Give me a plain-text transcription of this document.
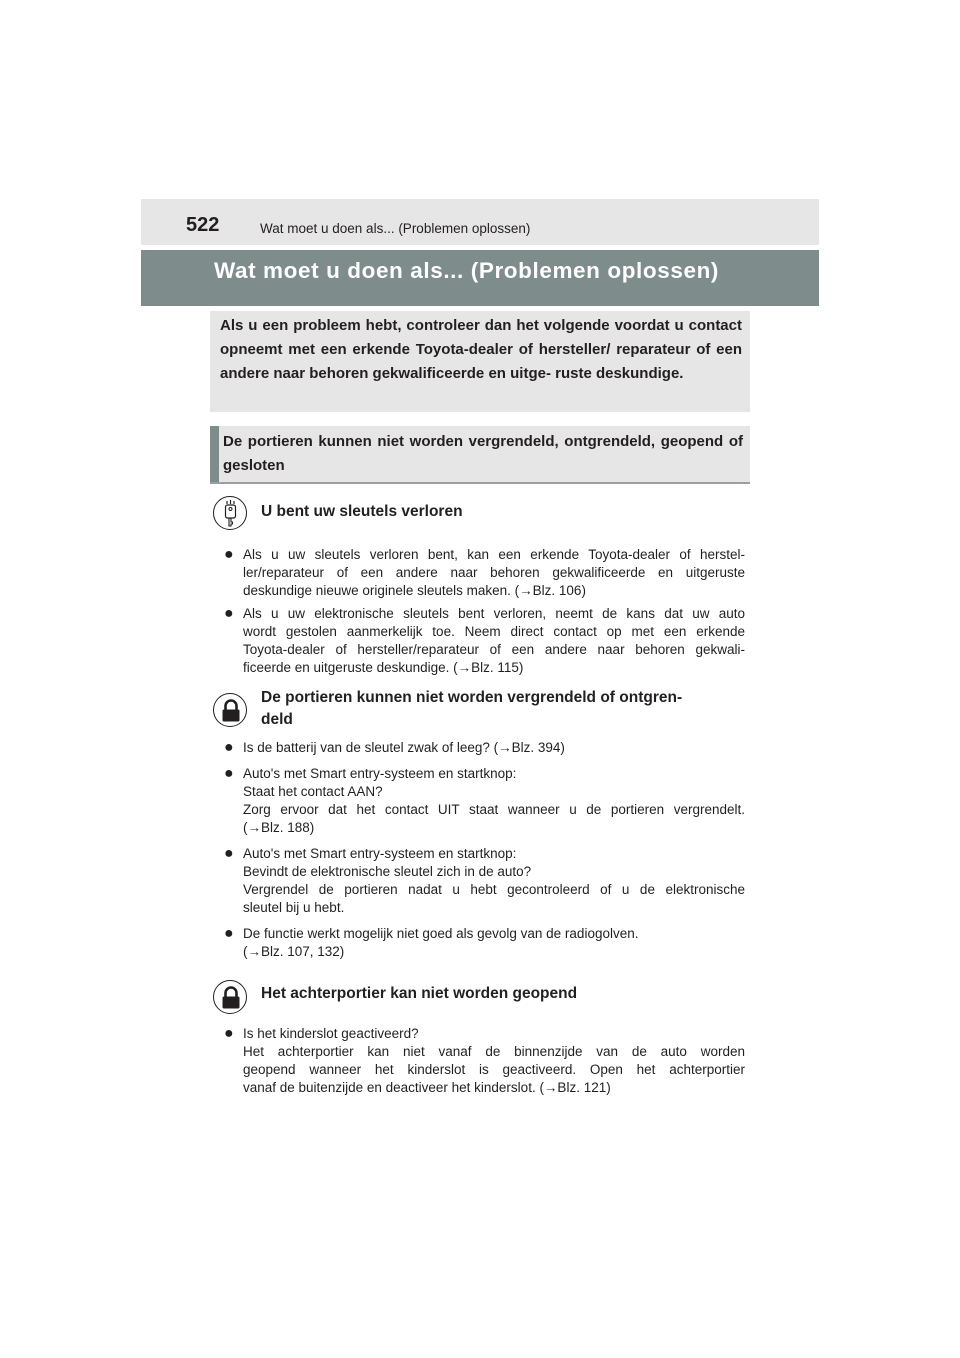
522	Wat moet u doen als... (Problemen oplossen)
Wat moet u doen als... (Problemen oplossen)
Als u een probleem hebt, controleer dan het volgende voordat u contact opneemt met een erkende Toyota-dealer of hersteller/ reparateur of een andere naar behoren gekwalificeerde en uitge- ruste deskundige.
De portieren kunnen niet worden vergrendeld, ontgrendeld, geopend of gesloten
U bent uw sleutels verloren
● Als u uw sleutels verloren bent, kan een erkende Toyota-dealer of herstel-
ler/reparateur of een andere naar behoren gekwalificeerde en uitgeruste
deskundige nieuwe originele sleutels maken. (→Blz. 106)
● Als u uw elektronische sleutels bent verloren, neemt de kans dat uw auto
wordt gestolen aanmerkelijk toe. Neem direct contact op met een erkende
Toyota-dealer of hersteller/reparateur of een andere naar behoren gekwali-
ficeerde en uitgeruste deskundige. (→Blz. 115)
De portieren kunnen niet worden vergrendeld of ontgren-
deld
● Is de batterij van de sleutel zwak of leeg? (→Blz. 394)
● Auto's met Smart entry-systeem en startknop:
Staat het contact AAN?
Zorg ervoor dat het contact UIT staat wanneer u de portieren vergrendelt.
(→Blz. 188)
● Auto's met Smart entry-systeem en startknop:
Bevindt de elektronische sleutel zich in de auto?
Vergrendel de portieren nadat u hebt gecontroleerd of u de elektronische
sleutel bij u hebt.
● De functie werkt mogelijk niet goed als gevolg van de radiogolven.
(→Blz. 107, 132)
Het achterportier kan niet worden geopend
● Is het kinderslot geactiveerd?
Het achterportier kan niet vanaf de binnenzijde van de auto worden
geopend wanneer het kinderslot is geactiveerd. Open het achterportier
vanaf de buitenzijde en deactiveer het kinderslot. (→Blz. 121)
